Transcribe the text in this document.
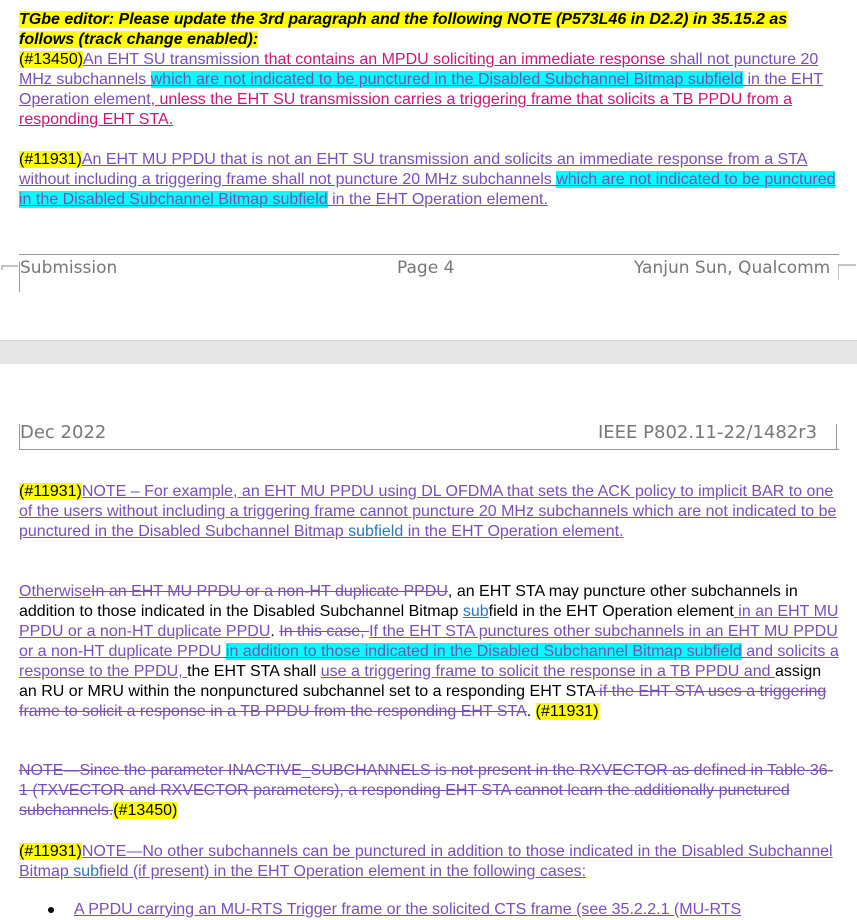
TGbe editor: Please update the 3rd paragraph and the following NOTE (P573L46 in D2.2) in 35.15.2 as follows (track change enabled):

(#13450)An EHT SU transmission that contains an MPDU soliciting an immediate response shall not puncture 20 MHz subchannels which are not indicated to be punctured in the Disabled Subchannel Bitmap subfield in the EHT Operation element, unless the EHT SU transmission carries a triggering frame that solicits a TB PPDU from a responding EHT STA.

(#11931)An EHT MU PPDU that is not an EHT SU transmission and solicits an immediate response from a STA without including a triggering frame shall not puncture 20 MHz subchannels which are not indicated to be punctured in the Disabled Subchannel Bitmap subfield in the EHT Operation element.

Submission	Page 4	Yanjun Sun, Qualcomm
Dec 2022	IEEE P802.11-22/1482r3

(#11931)NOTE – For example, an EHT MU PPDU using DL OFDMA that sets the ACK policy to implicit BAR to one of the users without including a triggering frame cannot puncture 20 MHz subchannels which are not indicated to be punctured in the Disabled Subchannel Bitmap subfield in the EHT Operation element.

OtherwiseIn an EHT MU PPDU or a non-HT duplicate PPDU, an EHT STA may puncture other subchannels in addition to those indicated in the Disabled Subchannel Bitmap subfield in the EHT Operation element in an EHT MU PPDU or a non-HT duplicate PPDU. In this case, If the EHT STA punctures other subchannels in an EHT MU PPDU or a non-HT duplicate PPDU in addition to those indicated in the Disabled Subchannel Bitmap subfield and solicits a response to the PPDU, the EHT STA shall use a triggering frame to solicit the response in a TB PPDU and assign an RU or MRU within the nonpunctured subchannel set to a responding EHT STA if the EHT STA uses a triggering frame to solicit a response in a TB PPDU from the responding EHT STA. (#11931)

NOTE—Since the parameter INACTIVE_SUBCHANNELS is not present in the RXVECTOR as defined in Table 36-1 (TXVECTOR and RXVECTOR parameters), a responding EHT STA cannot learn the additionally punctured subchannels.(#13450)

(#11931)NOTE—No other subchannels can be punctured in addition to those indicated in the Disabled Subchannel Bitmap subfield (if present) in the EHT Operation element in the following cases:

A PPDU carrying an MU-RTS Trigger frame or the solicited CTS frame (see 35.2.2.1 (MU-RTS
